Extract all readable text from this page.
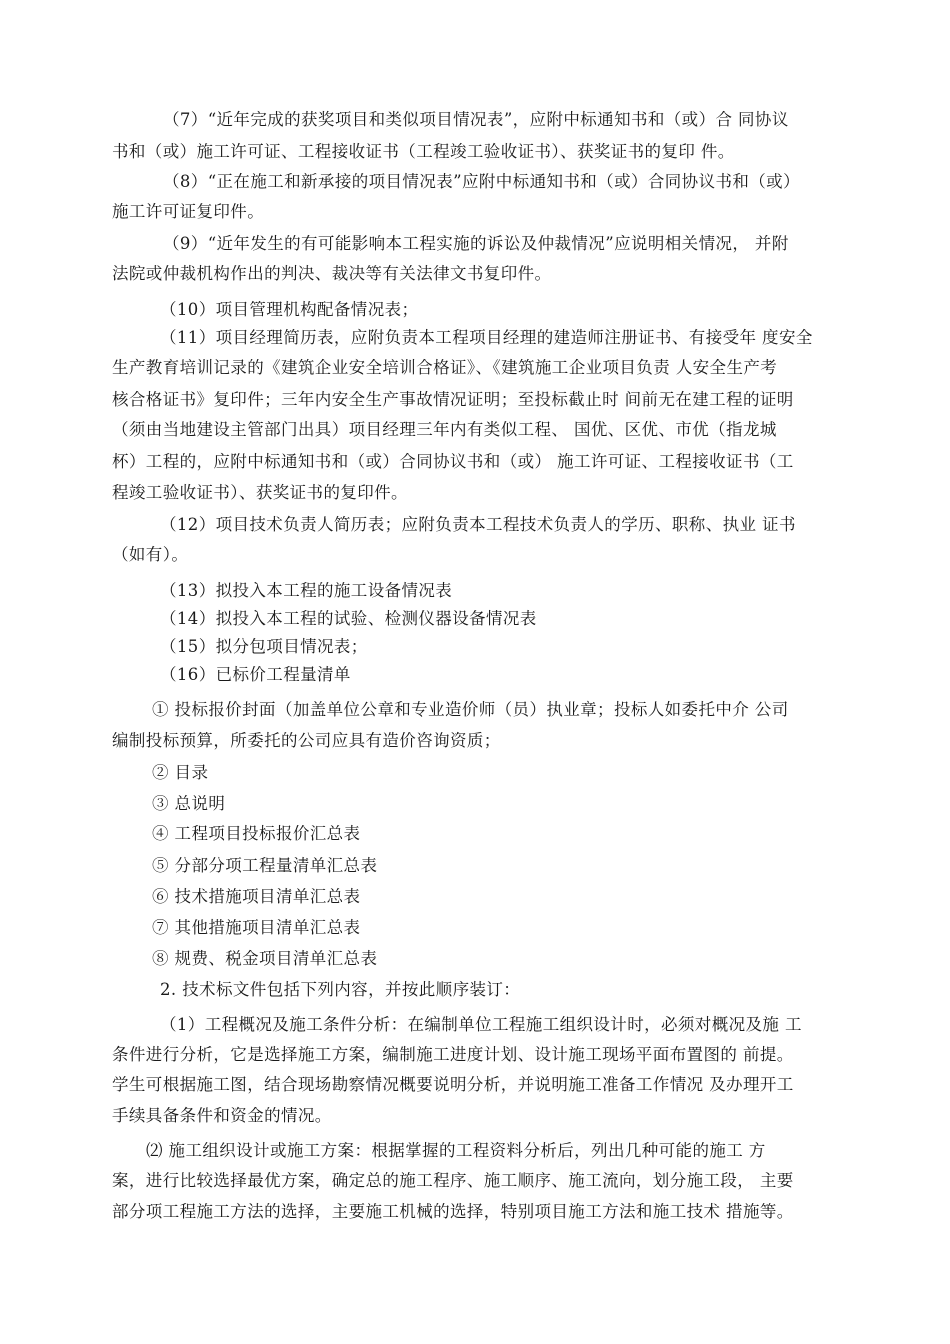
（7）“近年完成的获奖项目和类似项目情况表”，应附中标通知书和（或）合 同协议

书和（或）施工许可证、工程接收证书（工程竣工验收证书）、获奖证书的复印 件。

（8）“正在施工和新承接的项目情况表”应附中标通知书和（或）合同协议书和（或）

施工许可证复印件。

（9）“近年发生的有可能影响本工程实施的诉讼及仲裁情况”应说明相关情况， 并附

法院或仲裁机构作出的判决、裁决等有关法律文书复印件。

（10）项目管理机构配备情况表；

（11）项目经理简历表，应附负责本工程项目经理的建造师注册证书、有接受年 度安全

生产教育培训记录的《建筑企业安全培训合格证》、《建筑施工企业项目负责 人安全生产考

核合格证书》复印件；三年内安全生产事故情况证明；至投标截止时 间前无在建工程的证明

（须由当地建设主管部门出具）项目经理三年内有类似工程、 国优、区优、市优（指龙城

杯）工程的，应附中标通知书和（或）合同协议书和（或） 施工许可证、工程接收证书（工

程竣工验收证书）、获奖证书的复印件。

（12）项目技术负责人简历表；应附负责本工程技术负责人的学历、职称、执业 证书

（如有）。

（13）拟投入本工程的施工设备情况表

（14）拟投入本工程的试验、检测仪器设备情况表

（15）拟分包项目情况表；

（16）已标价工程量清单

① 投标报价封面（加盖单位公章和专业造价师（员）执业章；投标人如委托中介 公司

编制投标预算，所委托的公司应具有造价咨询资质；

② 目录

③ 总说明

④ 工程项目投标报价汇总表

⑤ 分部分项工程量清单汇总表

⑥ 技术措施项目清单汇总表

⑦ 其他措施项目清单汇总表

⑧ 规费、税金项目清单汇总表

2. 技术标文件包括下列内容，并按此顺序装订：

（1）工程概况及施工条件分析：在编制单位工程施工组织设计时，必须对概况及施 工

条件进行分析，它是选择施工方案，编制施工进度计划、设计施工现场平面布置图的 前提。

学生可根据施工图，结合现场勘察情况概要说明分析，并说明施工准备工作情况 及办理开工

手续具备条件和资金的情况。

⑵ 施工组织设计或施工方案：根据掌握的工程资料分析后，列出几种可能的施工 方

案，进行比较选择最优方案，确定总的施工程序、施工顺序、施工流向，划分施工段， 主要

部分项工程施工方法的选择，主要施工机械的选择，特别项目施工方法和施工技术 措施等。
